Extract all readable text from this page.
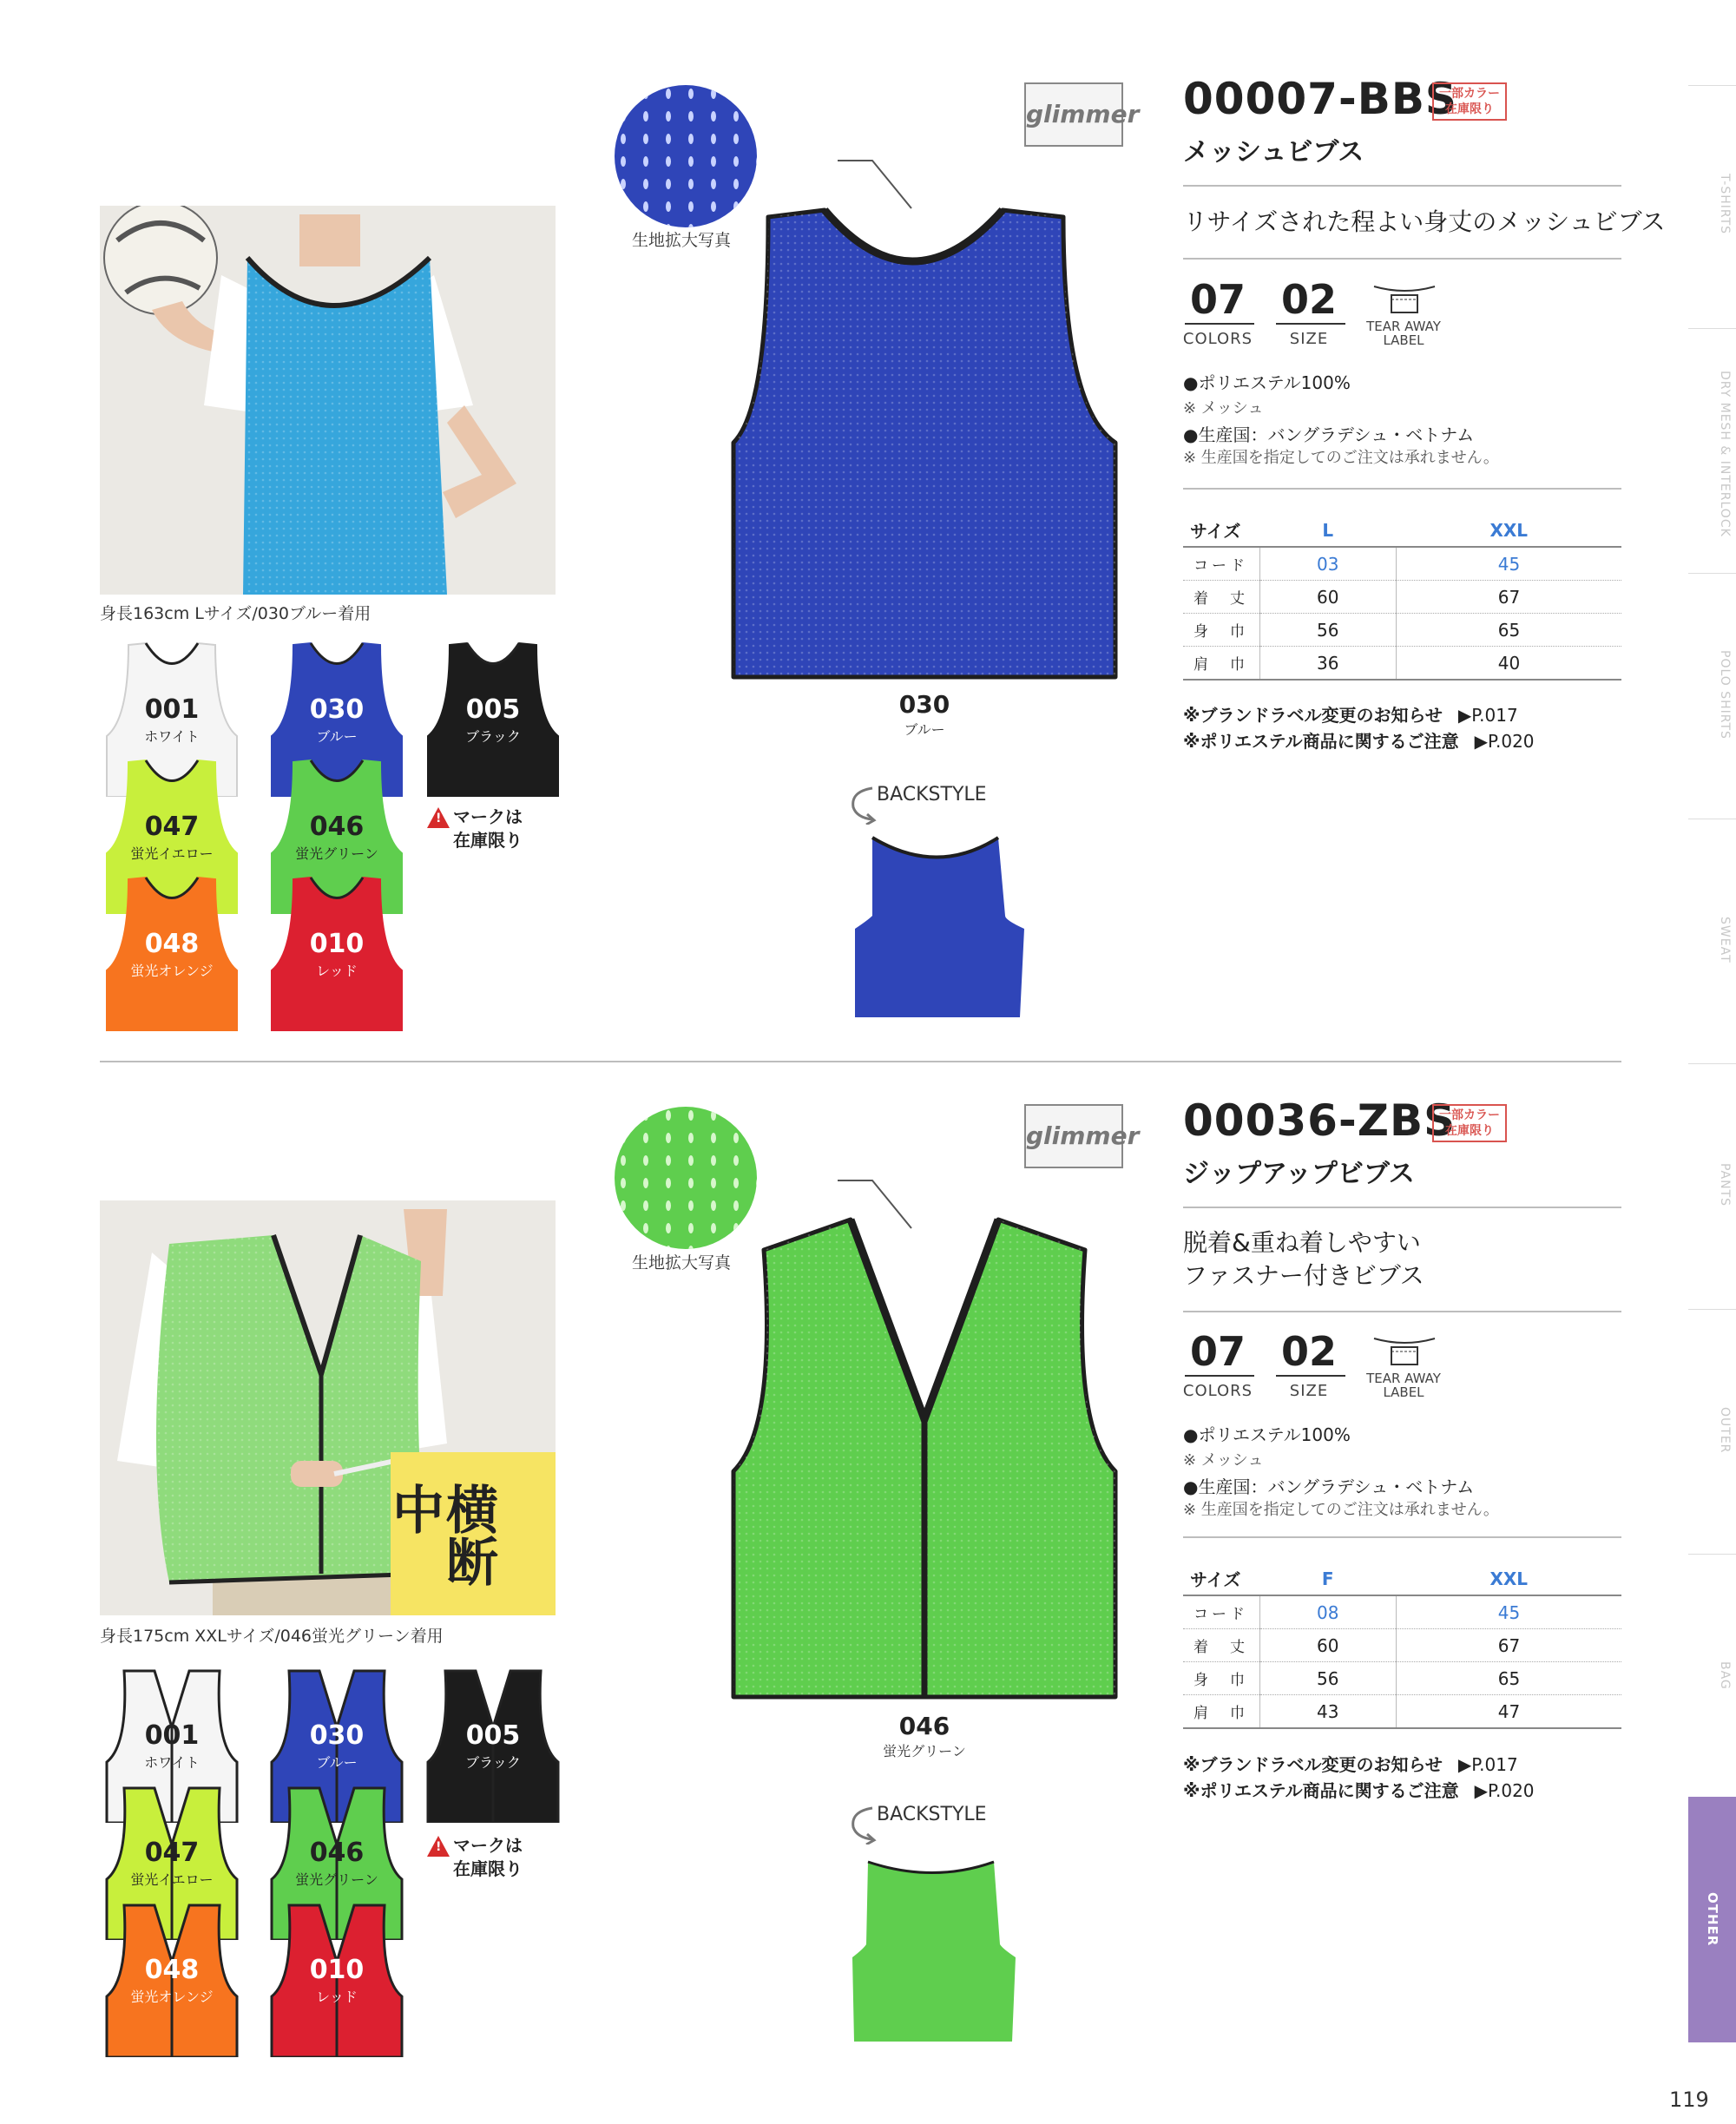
身長163cm Lサイズ/030ブルー着用
001
ホワイト
030
ブルー
005
ブラック
047
蛍光イエロー
046
蛍光グリーン
048
蛍光オレンジ
010
レッド
!
マークは
在庫限り
生地拡大写真
030
ブルー
BACKSTYLE
glimmer 00007-BBS
一部カラー
在庫限り
メッシュビブス
リサイズされた程よい身丈のメッシュビブス
07
COLORS
02
SIZE
TEAR AWAY
LABEL
●ポリエステル100%
※ メッシュ
●生産国：バングラデシュ・ベトナム
※ 生産国を指定してのご注文は承れません。
サイズ	L	XXL
コード	03	45
着　丈	60	67
身　巾	56	65
肩　巾	36	40
※ブランドラベル変更のお知らせ ▶P.017
※ポリエステル商品に関するご注意 ▶P.020
横断中
身長175cm XXLサイズ/046蛍光グリーン着用
001
ホワイト
030
ブルー
005
ブラック
047
蛍光イエロー
046
蛍光グリーン
048
蛍光オレンジ
010
レッド
!
マークは
在庫限り
生地拡大写真
046
蛍光グリーン
BACKSTYLE
glimmer 00036-ZBS
一部カラー
在庫限り
ジップアップビブス
脱着&重ね着しやすい
ファスナー付きビブス
07
COLORS
02
SIZE
TEAR AWAY
LABEL
●ポリエステル100%
※ メッシュ
●生産国：バングラデシュ・ベトナム
※ 生産国を指定してのご注文は承れません。
サイズ	F	XXL
コード	08	45
着　丈	60	67
身　巾	56	65
肩　巾	43	47
※ブランドラベル変更のお知らせ ▶P.017
※ポリエステル商品に関するご注意 ▶P.020
T-SHIRTS
DRY MESH & INTERLOCK
POLO SHIRTS
SWEAT
PANTS
OUTER
BAG
OTHER
119
